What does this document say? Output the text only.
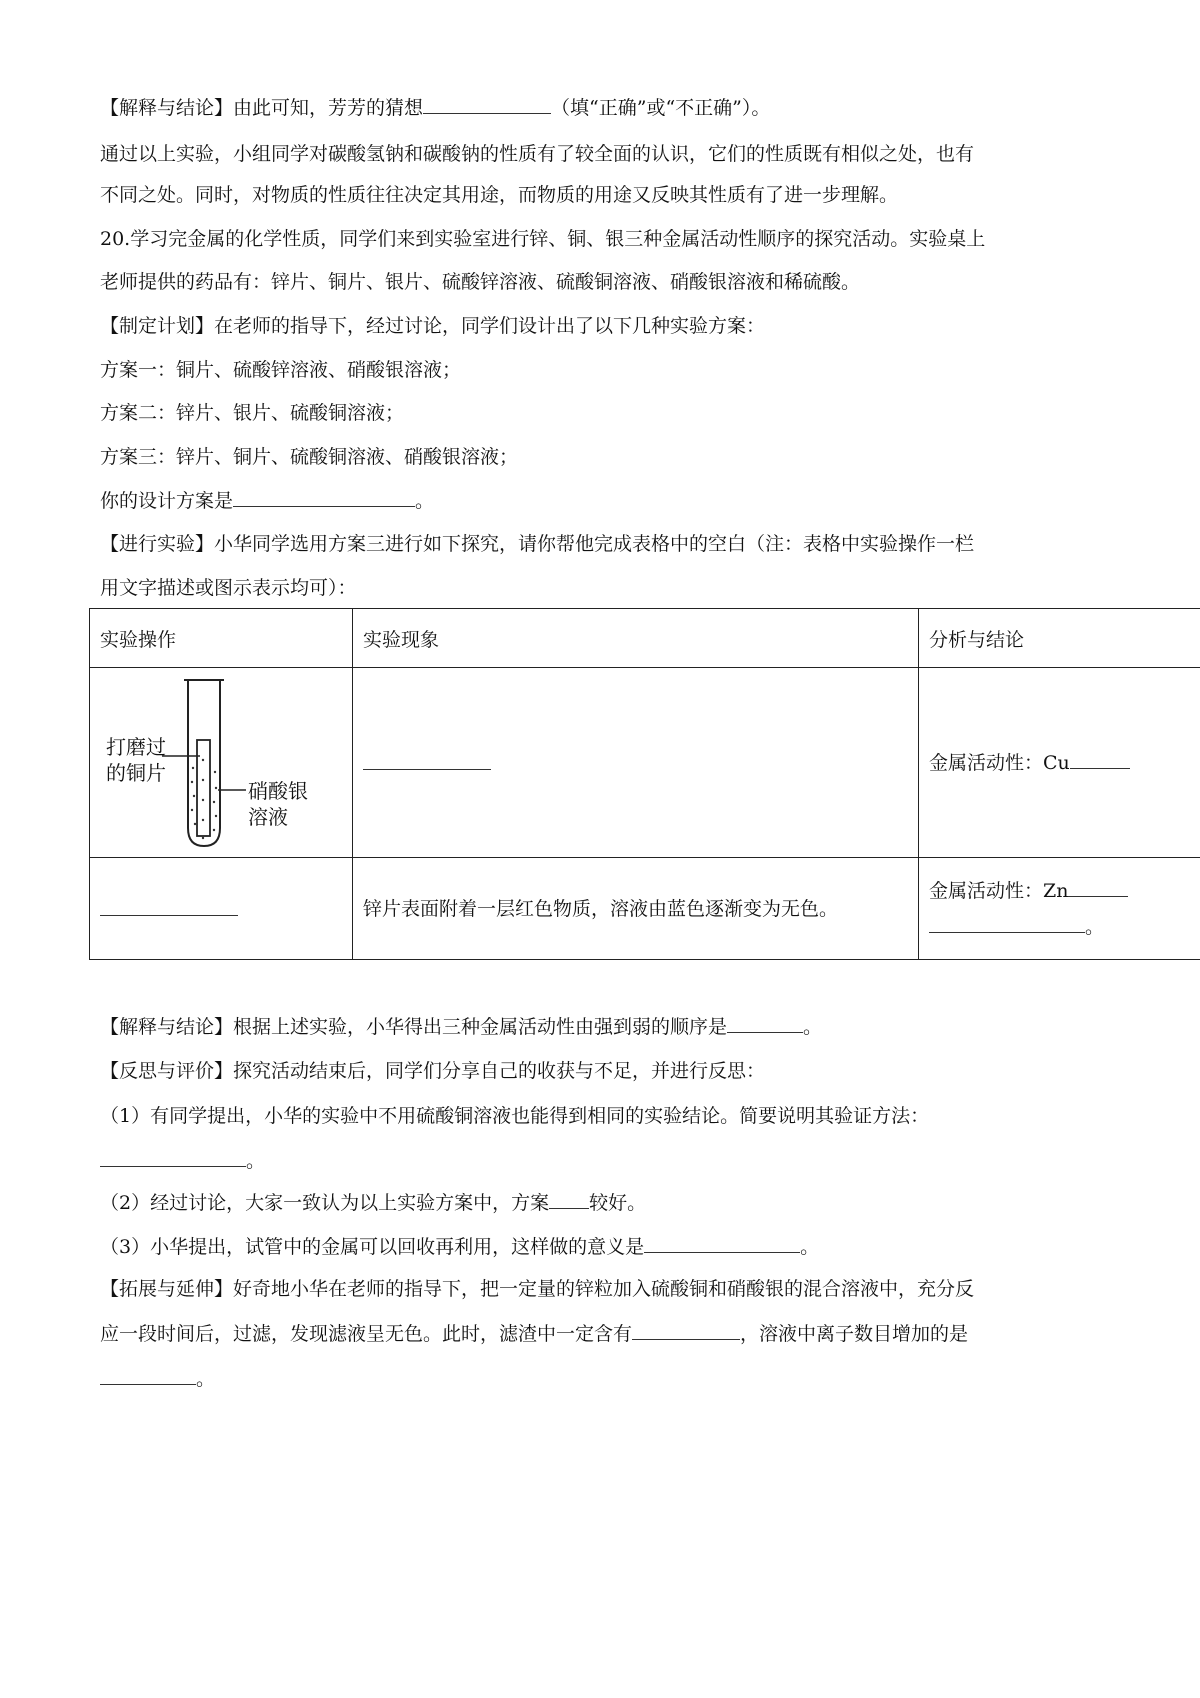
【解释与结论】由此可知，芳芳的猜想	（填“正确”或“不正确”）。
通过以上实验，小组同学对碳酸氢钠和碳酸钠的性质有了较全面的认识，它们的性质既有相似之处，也有
不同之处。同时，对物质的性质往往决定其用途，而物质的用途又反映其性质有了进一步理解。
20.学习完金属的化学性质，同学们来到实验室进行锌、铜、银三种金属活动性顺序的探究活动。实验桌上
老师提供的药品有：锌片、铜片、银片、硫酸锌溶液、硫酸铜溶液、硝酸银溶液和稀硫酸。
【制定计划】在老师的指导下，经过讨论，同学们设计出了以下几种实验方案：
方案一：铜片、硫酸锌溶液、硝酸银溶液；
方案二：锌片、银片、硫酸铜溶液；
方案三：锌片、铜片、硫酸铜溶液、硝酸银溶液；
你的设计方案是	。
【进行实验】小华同学选用方案三进行如下探究，请你帮他完成表格中的空白（注：表格中实验操作一栏
用文字描述或图示表示均可）：
实验操作	实验现象	分析与结论

打磨过
的铜片
硝酸银
溶液		金属活动性：Cu
	锌片表面附着一层红色物质，溶液由蓝色逐渐变为无色。	金属活动性：Zn
。
【解释与结论】根据上述实验，小华得出三种金属活动性由强到弱的顺序是	。
【反思与评价】探究活动结束后，同学们分享自己的收获与不足，并进行反思：
（1）有同学提出，小华的实验中不用硫酸铜溶液也能得到相同的实验结论。简要说明其验证方法：
。
（2）经过讨论，大家一致认为以上实验方案中，方案 较好。
（3）小华提出，试管中的金属可以回收再利用，这样做的意义是	。
【拓展与延伸】好奇地小华在老师的指导下，把一定量的锌粒加入硫酸铜和硝酸银的混合溶液中，充分反
应一段时间后，过滤，发现滤液呈无色。此时，滤渣中一定含有	，溶液中离子数目增加的是
。
